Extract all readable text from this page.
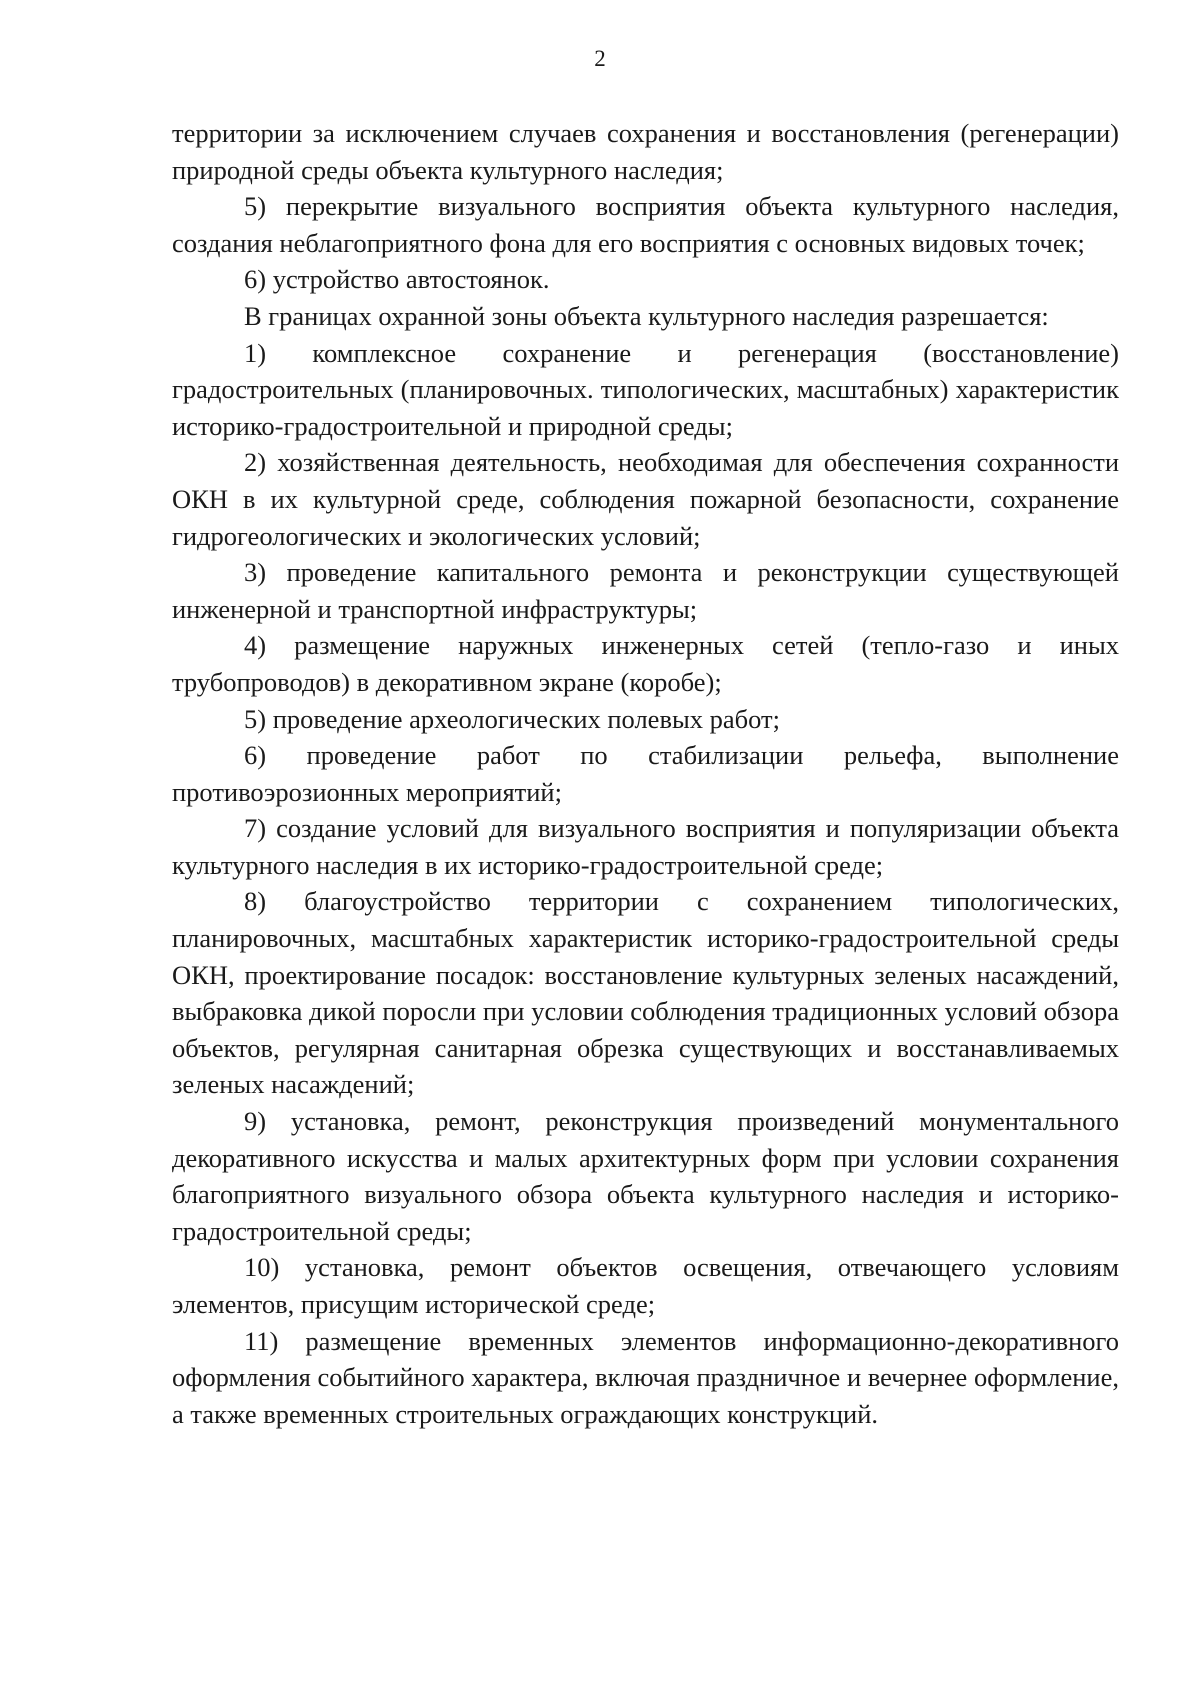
2

территории за исключением случаев сохранения и восстановления (регенерации) природной среды объекта культурного наследия;

5) перекрытие визуального восприятия объекта культурного наследия, создания неблагоприятного фона для его восприятия с основных видовых точек;

6) устройство автостоянок.

В границах охранной зоны объекта культурного наследия разрешается:

1) комплексное сохранение и регенерация (восстановление) градостроительных (планировочных. типологических, масштабных) характеристик историко-градостроительной и природной среды;

2) хозяйственная деятельность, необходимая для обеспечения сохранности ОКН в их культурной среде, соблюдения пожарной безопасности, сохранение гидрогеологических и экологических условий;

3) проведение капитального ремонта и реконструкции существующей инженерной и транспортной инфраструктуры;

4) размещение наружных инженерных сетей (тепло-газо и иных трубопроводов) в декоративном экране (коробе);

5) проведение археологических полевых работ;

6) проведение работ по стабилизации рельефа, выполнение противоэрозионных мероприятий;

7) создание условий для визуального восприятия и популяризации объекта культурного наследия в их историко-градостроительной среде;

8) благоустройство территории с сохранением типологических, планировочных, масштабных характеристик историко-градостроительной среды ОКН, проектирование посадок: восстановление культурных зеленых насаждений, выбраковка дикой поросли при условии соблюдения традиционных условий обзора объектов, регулярная санитарная обрезка существующих и восстанавливаемых зеленых насаждений;

9) установка, ремонт, реконструкция произведений монументального декоративного искусства и малых архитектурных форм при условии сохранения благоприятного визуального обзора объекта культурного наследия и историко-градостроительной среды;

10) установка, ремонт объектов освещения, отвечающего условиям элементов, присущим исторической среде;

11) размещение временных элементов информационно-декоративного оформления событийного характера, включая праздничное и вечернее оформление, а также временных строительных ограждающих конструкций.
